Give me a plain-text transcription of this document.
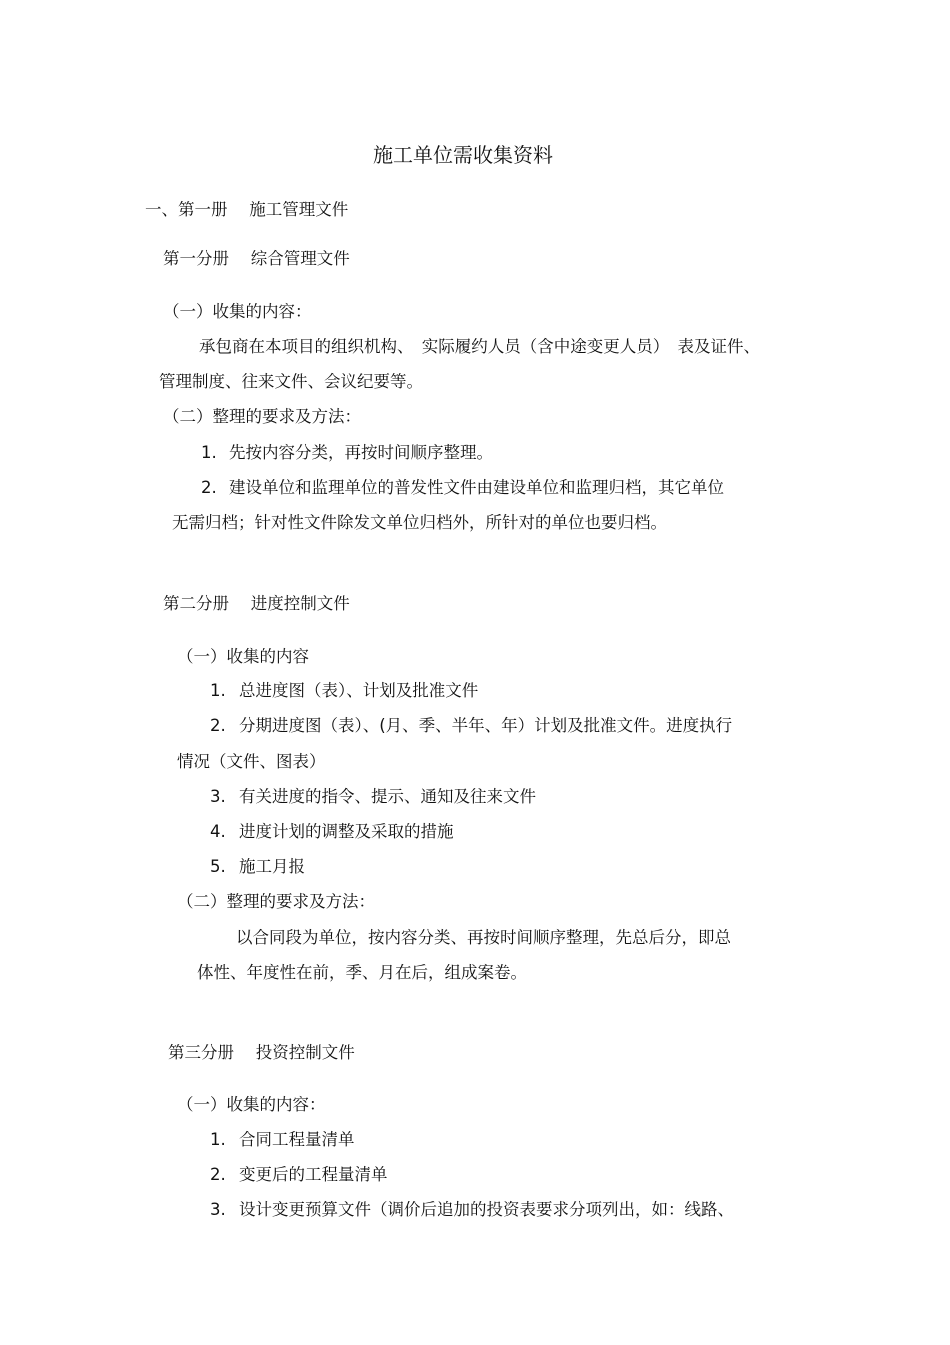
施工单位需收集资料
一、第一册　 施工管理文件
第一分册　 综合管理文件
（一）收集的内容：
承包商在本项目的组织机构、　实际履约人员（含中途变更人员）　表及证件、
管理制度、往来文件、会议纪要等。
（二）整理的要求及方法：
1. 先按内容分类，再按时间顺序整理。
2. 建设单位和监理单位的普发性文件由建设单位和监理归档，其它单位
无需归档；针对性文件除发文单位归档外，所针对的单位也要归档。
第二分册　 进度控制文件
（一）收集的内容
1. 总进度图（表）、计划及批准文件
2. 分期进度图（表）、(月、季、半年、年）计划及批准文件。进度执行
情况（文件、图表）
3. 有关进度的指令、提示、通知及往来文件
4. 进度计划的调整及采取的措施
5. 施工月报
（二）整理的要求及方法：
以合同段为单位，按内容分类、再按时间顺序整理，先总后分，即总
体性、年度性在前，季、月在后，组成案卷。
第三分册　 投资控制文件
（一）收集的内容：
1. 合同工程量清单
2. 变更后的工程量清单
3. 设计变更预算文件（调价后追加的投资表要求分项列出，如：线路、
